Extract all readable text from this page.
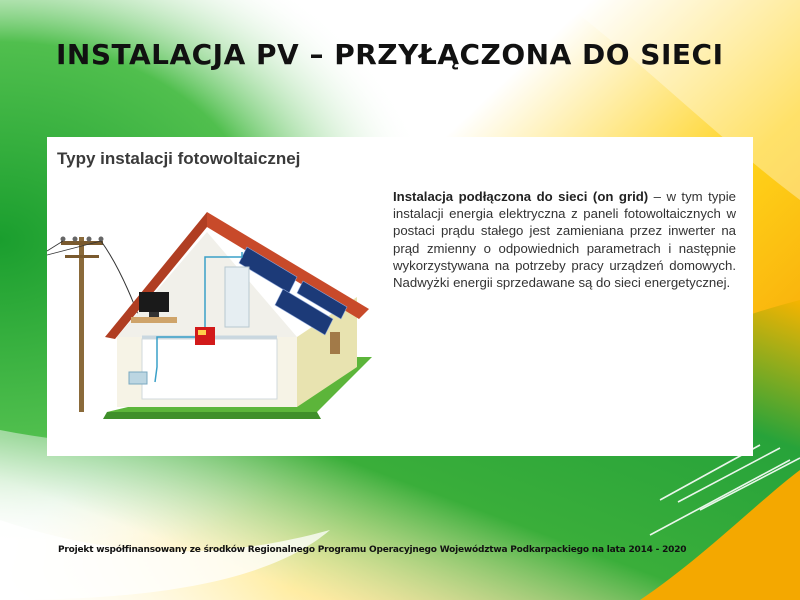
INSTALACJA PV – PRZYŁĄCZONA DO SIECI
Typy instalacji fotowoltaicznej
Instalacja podłączona do sieci (on grid) – w tym typie instalacji energia elektryczna z paneli fotowoltaicznych w postaci prądu stałego jest zamieniana przez inwerter na prąd zmienny o odpowiednich parametrach i następnie wykorzystywana na potrzeby pracy urządzeń domowych. Nadwyżki energii sprzedawane są do sieci energetycznej.
Projekt współfinansowany ze środków Regionalnego Programu Operacyjnego Województwa Podkarpackiego na lata 2014 - 2020
